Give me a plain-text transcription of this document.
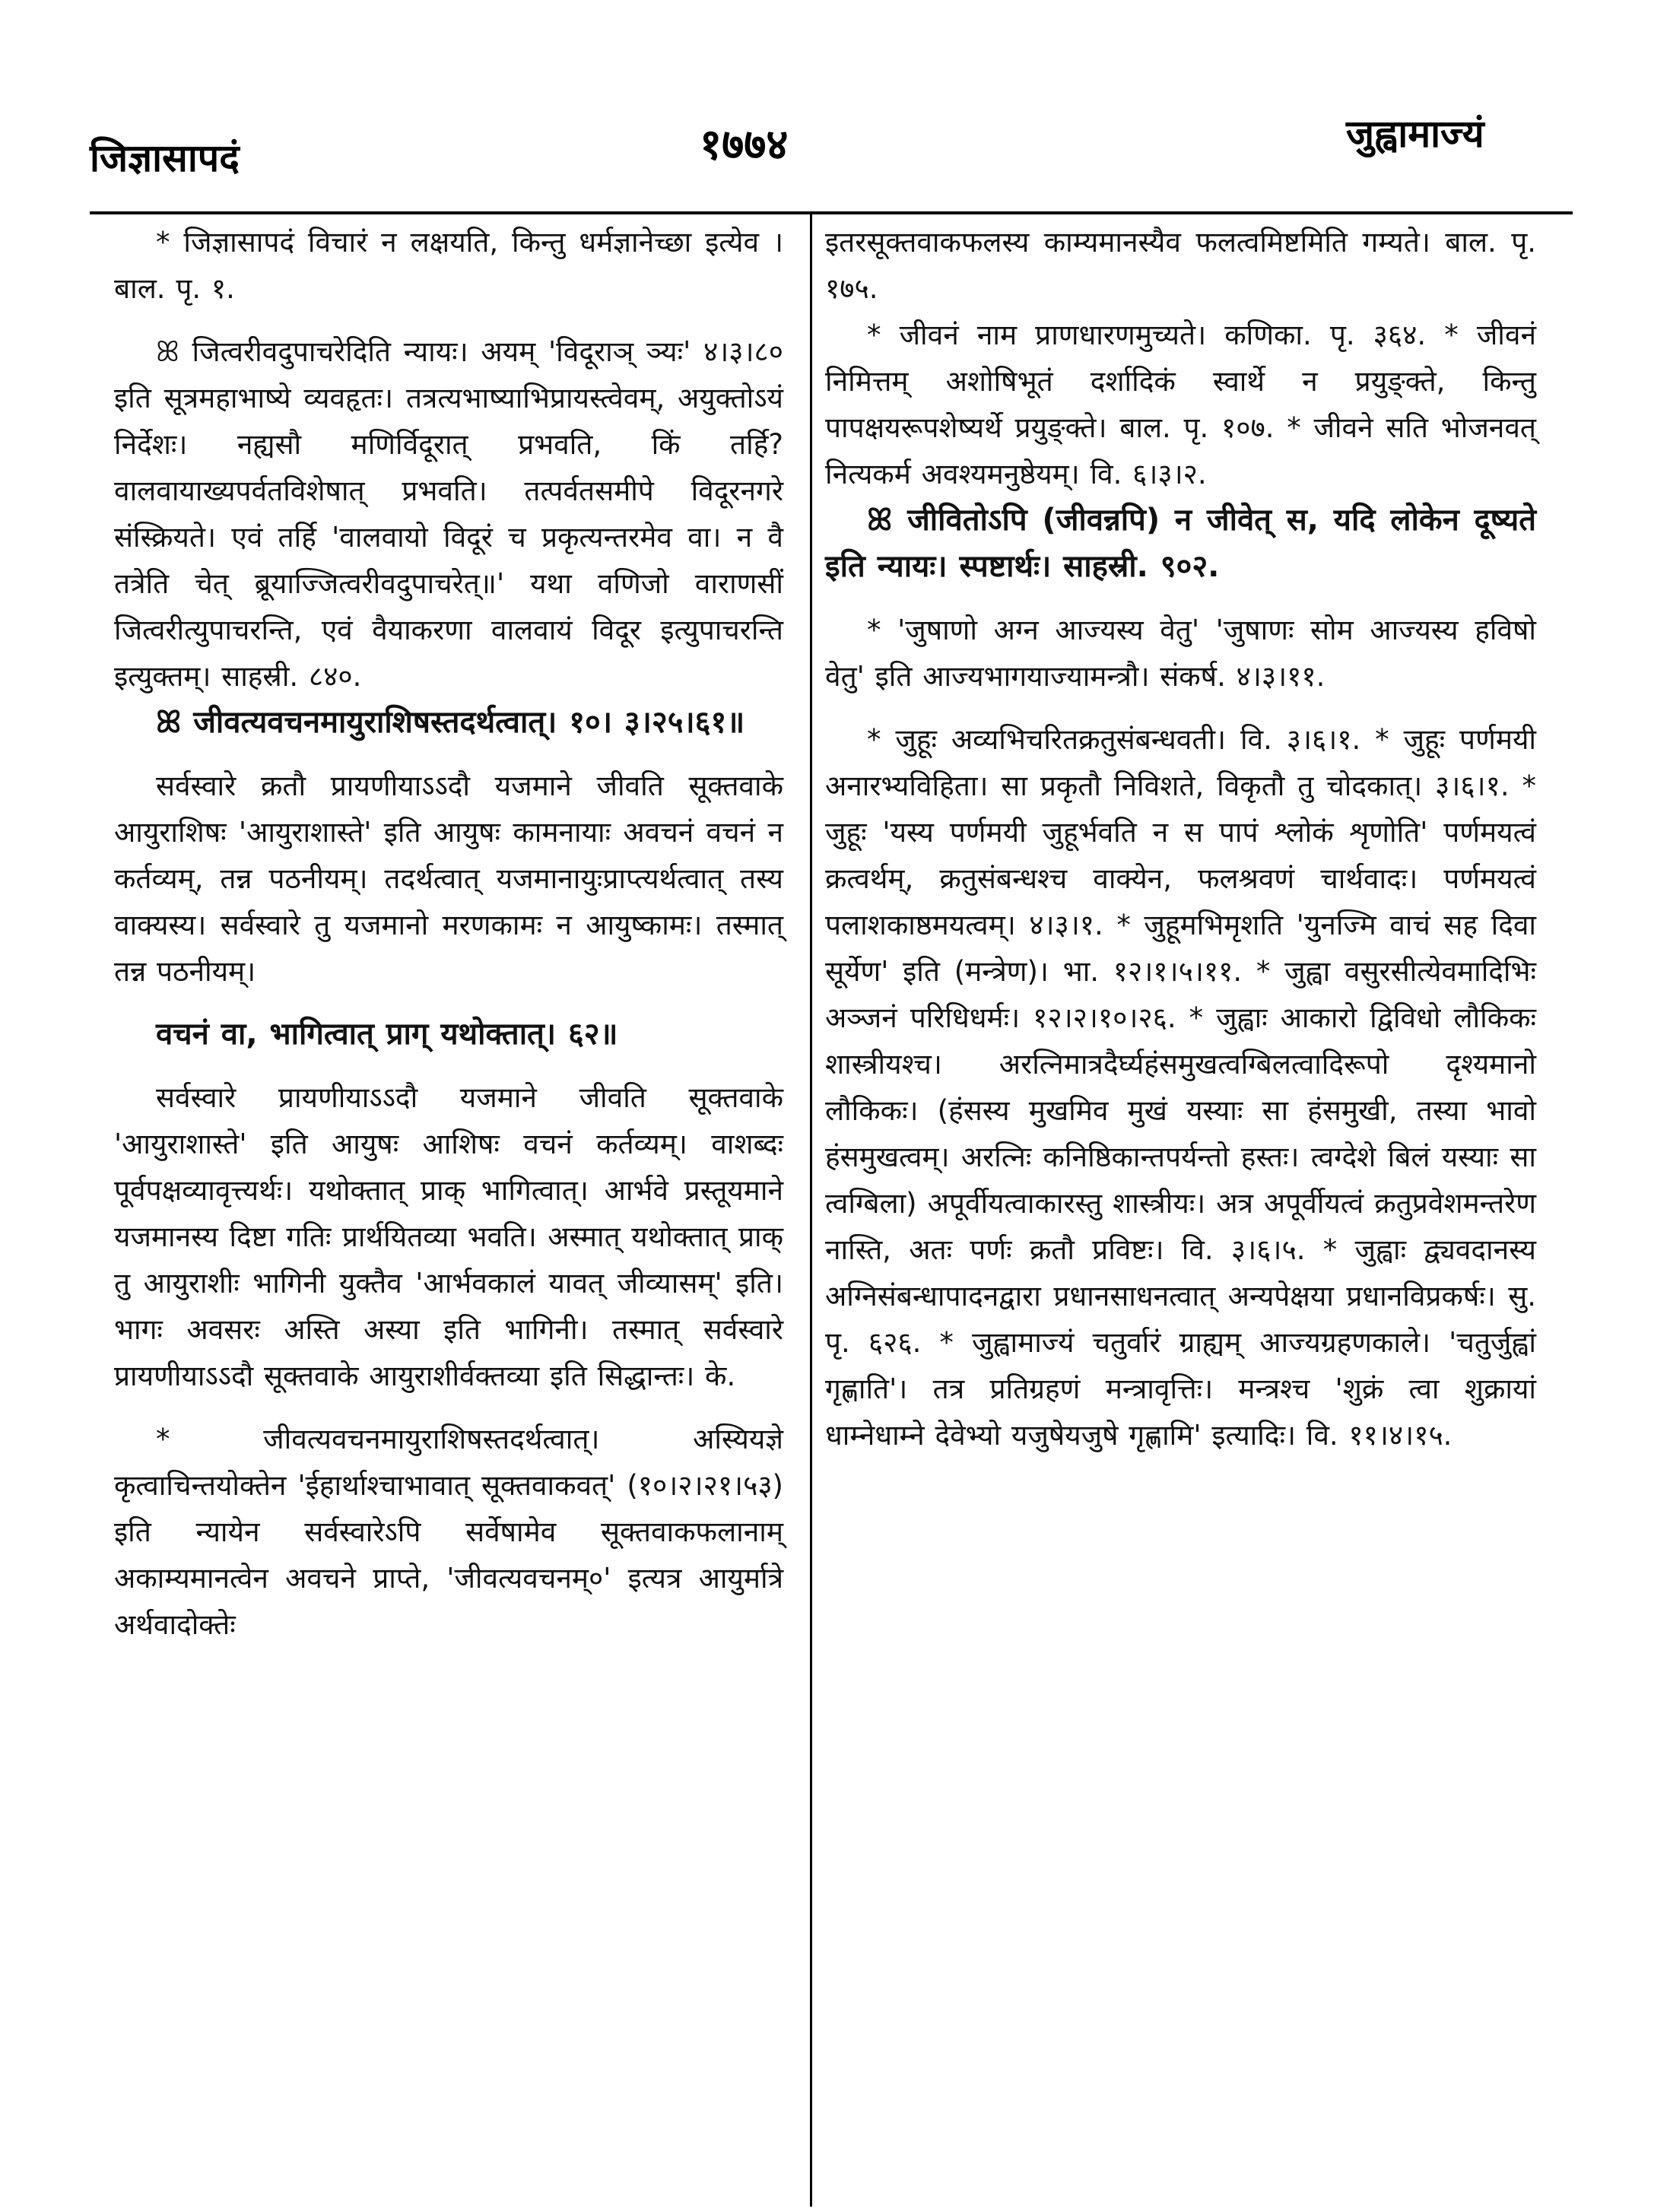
जिज्ञासापदं	१७७४	जुह्वामाज्यं

* जिज्ञासापदं विचारं न लक्षयति, किन्तु धर्मज्ञानेच्छा इत्येव । बाल. पृ. १.

ꕤ जित्वरीवदुपाचरेदिति न्यायः। अयम् 'विदूराञ् ञ्यः' ४।३।८० इति सूत्रमहाभाष्ये व्यवहृतः। तत्रत्यभाष्याभिप्रायस्त्वेवम्, अयुक्तोऽयं निर्देशः। नह्यसौ मणिर्विदूरात् प्रभवति, किं तर्हि? वालवायाख्यपर्वतविशेषात् प्रभवति। तत्पर्वतसमीपे विदूरनगरे संस्क्रियते। एवं तर्हि 'वालवायो विदूरं च प्रकृत्यन्तरमेव वा। न वै तत्रेति चेत् ब्रूयाज्जित्वरीवदुपाचरेत्॥' यथा वणिजो वाराणसीं जित्वरीत्युपाचरन्ति, एवं वैयाकरणा वालवायं विदूर इत्युपाचरन्ति इत्युक्तम्। साहस्री. ८४०.

ꕤ जीवत्यवचनमायुराशिषस्तदर्थत्वात्। १०। ३।२५।६१॥

सर्वस्वारे क्रतौ प्रायणीयाऽऽदौ यजमाने जीवति सूक्तवाके आयुराशिषः 'आयुराशास्ते' इति आयुषः कामनायाः अवचनं वचनं न कर्तव्यम्, तन्न पठनीयम्। तदर्थत्वात् यजमानायुःप्राप्त्यर्थत्वात् तस्य वाक्यस्य। सर्वस्वारे तु यजमानो मरणकामः न आयुष्कामः। तस्मात् तन्न पठनीयम्।

वचनं वा, भागित्वात् प्राग् यथोक्तात्। ६२॥

सर्वस्वारे प्रायणीयाऽऽदौ यजमाने जीवति सूक्तवाके 'आयुराशास्ते' इति आयुषः आशिषः वचनं कर्तव्यम्। वाशब्दः पूर्वपक्षव्यावृत्त्यर्थः। यथोक्तात् प्राक् भागित्वात्। आर्भवे प्रस्तूयमाने यजमानस्य दिष्टा गतिः प्रार्थयितव्या भवति। अस्मात् यथोक्तात् प्राक् तु आयुराशीः भागिनी युक्तैव 'आर्भवकालं यावत् जीव्यासम्' इति। भागः अवसरः अस्ति अस्या इति भागिनी। तस्मात् सर्वस्वारे प्रायणीयाऽऽदौ सूक्तवाके आयुराशीर्वक्तव्या इति सिद्धान्तः। के.

* जीवत्यवचनमायुराशिषस्तदर्थत्वात्। अस्यियज्ञे कृत्वाचिन्तयोक्तेन 'ईहार्थाश्चाभावात् सूक्तवाकवत्' (१०।२।२१।५३) इति न्यायेन सर्वस्वारेऽपि सर्वेषामेव सूक्तवाकफलानाम् अकाम्यमानत्वेन अवचने प्राप्ते, 'जीवत्यवचनम्०' इत्यत्र आयुर्मात्रे अर्थवादोक्तेः

इतरसूक्तवाकफलस्य काम्यमानस्यैव फलत्वमिष्टमिति गम्यते। बाल. पृ. १७५.

* जीवनं नाम प्राणधारणमुच्यते। कणिका. पृ. ३६४. * जीवनं निमित्तम् अशोषिभूतं दर्शादिकं स्वार्थे न प्रयुङ्क्ते, किन्तु पापक्षयरूपशेष्यर्थे प्रयुङ्क्ते। बाल. पृ. १०७. * जीवने सति भोजनवत् नित्यकर्म अवश्यमनुष्ठेयम्। वि. ६।३।२.

ꕤ जीवितोऽपि (जीवन्नपि) न जीवेत् स, यदि लोकेन दूष्यते इति न्यायः। स्पष्टार्थः। साहस्री. ९०२.

* 'जुषाणो अग्न आज्यस्य वेतु' 'जुषाणः सोम आज्यस्य हविषो वेतु' इति आज्यभागयाज्यामन्त्रौ। संकर्ष. ४।३।११.

* जुहूः अव्यभिचरितक्रतुसंबन्धवती। वि. ३।६।१. * जुहूः पर्णमयी अनारभ्यविहिता। सा प्रकृतौ निविशते, विकृतौ तु चोदकात्। ३।६।१. * जुहूः 'यस्य पर्णमयी जुहूर्भवति न स पापं श्लोकं शृणोति' पर्णमयत्वं क्रत्वर्थम्, क्रतुसंबन्धश्च वाक्येन, फलश्रवणं चार्थवादः। पर्णमयत्वं पलाशकाष्ठमयत्वम्। ४।३।१. * जुहूमभिमृशति 'युनज्मि वाचं सह दिवा सूर्येण' इति (मन्त्रेण)। भा. १२।१।५।११. * जुह्वा वसुरसीत्येवमादिभिः अञ्जनं परिधिधर्मः। १२।२।१०।२६. * जुह्वाः आकारो द्विविधो लौकिकः शास्त्रीयश्च। अरत्निमात्रदैर्घ्यहंसमुखत्वग्बिलत्वादिरूपो दृश्यमानो लौकिकः। (हंसस्य मुखमिव मुखं यस्याः सा हंसमुखी, तस्या भावो हंसमुखत्वम्। अरत्निः कनिष्ठिकान्तपर्यन्तो हस्तः। त्वग्देशे बिलं यस्याः सा त्वग्बिला) अपूर्वीयत्वाकारस्तु शास्त्रीयः। अत्र अपूर्वीयत्वं क्रतुप्रवेशमन्तरेण नास्ति, अतः पर्णः क्रतौ प्रविष्टः। वि. ३।६।५. * जुह्वाः द्व्यवदानस्य अग्निसंबन्धापादनद्वारा प्रधानसाधनत्वात् अन्यपेक्षया प्रधानविप्रकर्षः। सु. पृ. ६२६. * जुह्वामाज्यं चतुर्वारं ग्राह्यम् आज्यग्रहणकाले। 'चतुर्जुह्वां गृह्णाति'। तत्र प्रतिग्रहणं मन्त्रावृत्तिः। मन्त्रश्च 'शुक्रं त्वा शुक्रायां धाम्नेधाम्ने देवेभ्यो यजुषेयजुषे गृह्णामि' इत्यादिः। वि. ११।४।१५.
